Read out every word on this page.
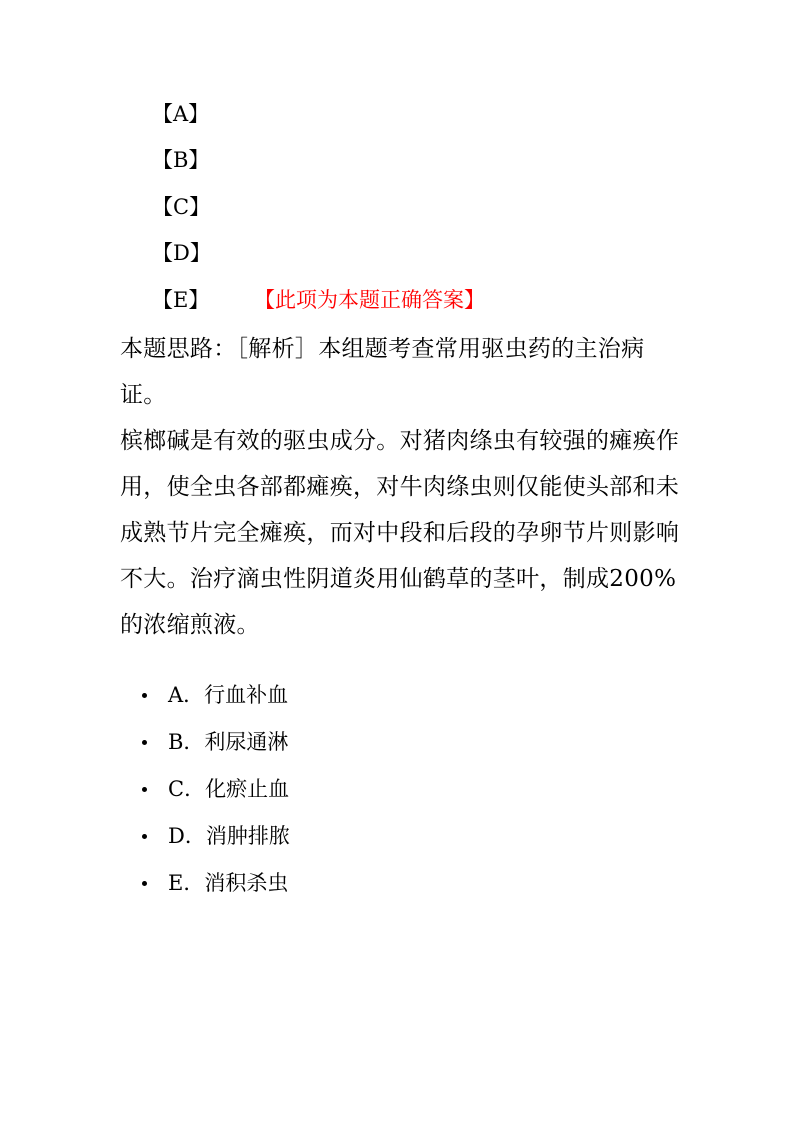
【A】
【B】
【C】
【D】
【E】 【此项为本题正确答案】

本题思路：［解析］本组题考查常用驱虫药的主治病证。

槟榔碱是有效的驱虫成分。对猪肉绦虫有较强的瘫痪作用，使全虫各部都瘫痪，对牛肉绦虫则仅能使头部和未成熟节片完全瘫痪，而对中段和后段的孕卵节片则影响不大。治疗滴虫性阴道炎用仙鹤草的茎叶，制成200%的浓缩煎液。

A．行血补血
B．利尿通淋
C．化瘀止血
D．消肿排脓
E．消积杀虫
